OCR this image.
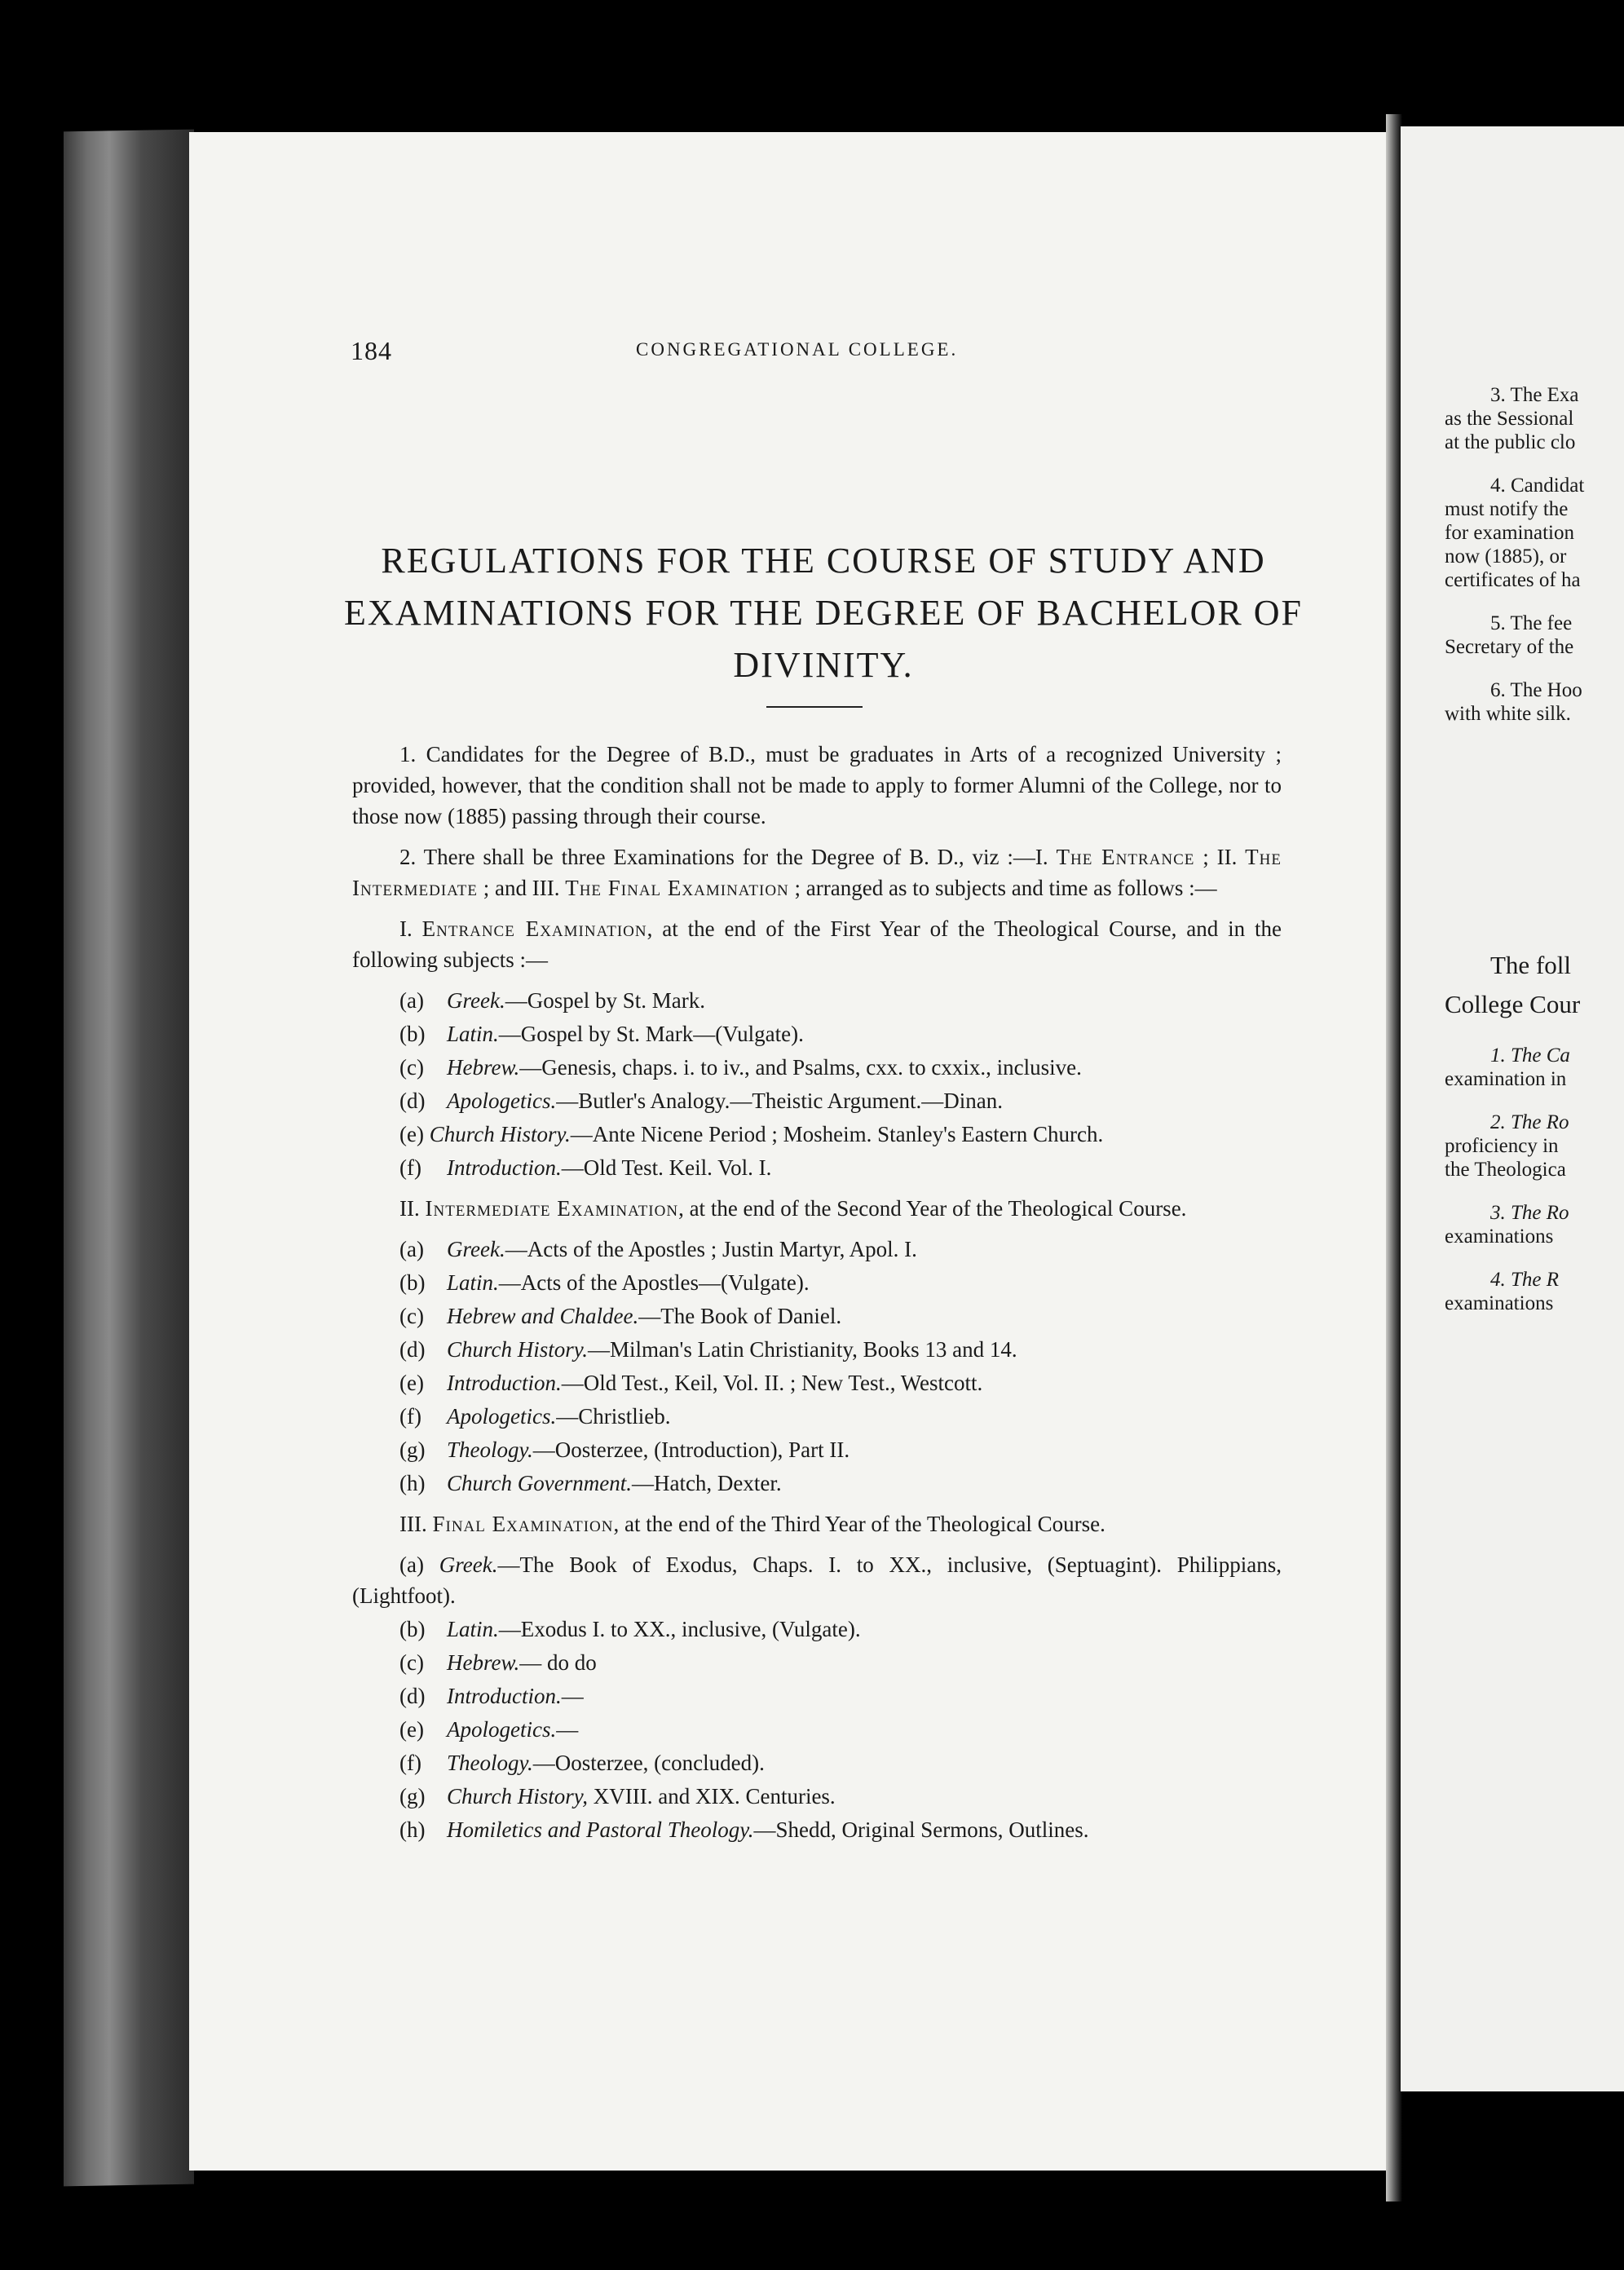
184	CONGREGATIONAL COLLEGE.
REGULATIONS FOR THE COURSE OF STUDY AND EXAMINATIONS FOR THE DEGREE OF BACHELOR OF DIVINITY.

1. Candidates for the Degree of B.D., must be graduates in Arts of a recognized University ; provided, however, that the condition shall not be made to apply to former Alumni of the College, nor to those now (1885) passing through their course.

2. There shall be three Examinations for the Degree of B. D., viz :—I. The Entrance ; II. The Intermediate ; and III. The Final Examination ; arranged as to subjects and time as follows :—

I. Entrance Examination, at the end of the First Year of the Theological Course, and in the following subjects :—

(a)	Greek.—Gospel by St. Mark.
(b) Latin.—Gospel by St. Mark—(Vulgate).
(c)	Hebrew.—Genesis, chaps. i. to iv., and Psalms, cxx. to cxxix., inclusive.
(d) Apologetics.—Butler's Analogy.—Theistic Argument.—Dinan.
(e) Church History.—Ante Nicene Period ; Mosheim. Stanley's Eastern Church.
(f)	Introduction.—Old Test. Keil. Vol. I.

II. Intermediate Examination, at the end of the Second Year of the Theological Course.

(a)	Greek.—Acts of the Apostles ; Justin Martyr, Apol. I.
(b) Latin.—Acts of the Apostles—(Vulgate).
(c)	Hebrew and Chaldee.—The Book of Daniel.
(d) Church History.—Milman's Latin Christianity, Books 13 and 14.
(e)	Introduction.—Old Test., Keil, Vol. II. ; New Test., Westcott.
(f)	Apologetics.—Christlieb.
(g) Theology.—Oosterzee, (Introduction), Part II.
(h) Church Government.—Hatch, Dexter.

III. Final Examination, at the end of the Third Year of the Theological Course.

(a) Greek.—The Book of Exodus, Chaps. I. to XX., inclusive, (Septuagint). Philippians, (Lightfoot).
(b) Latin.—Exodus I. to XX., inclusive, (Vulgate).
(c)	Hebrew.— do do
(d) Introduction.—
(e)	Apologetics.—
(f)	Theology.—Oosterzee, (concluded).
(g) Church History, XVIII. and XIX. Centuries.
(h) Homiletics and Pastoral Theology.—Shedd, Original Sermons, Outlines.
3. The Exa
as the Sessional
at the public clo
4. Candidat
must notify the
for examination
now (1885), or
certificates of ha
5. The fee
Secretary of the
6. The Hoo
with white silk.
The foll
College Cour
1. The Ca
examination in
2. The Ro
proficiency in
the Theologica
3. The Ro
examinations
4. The R
examinations
